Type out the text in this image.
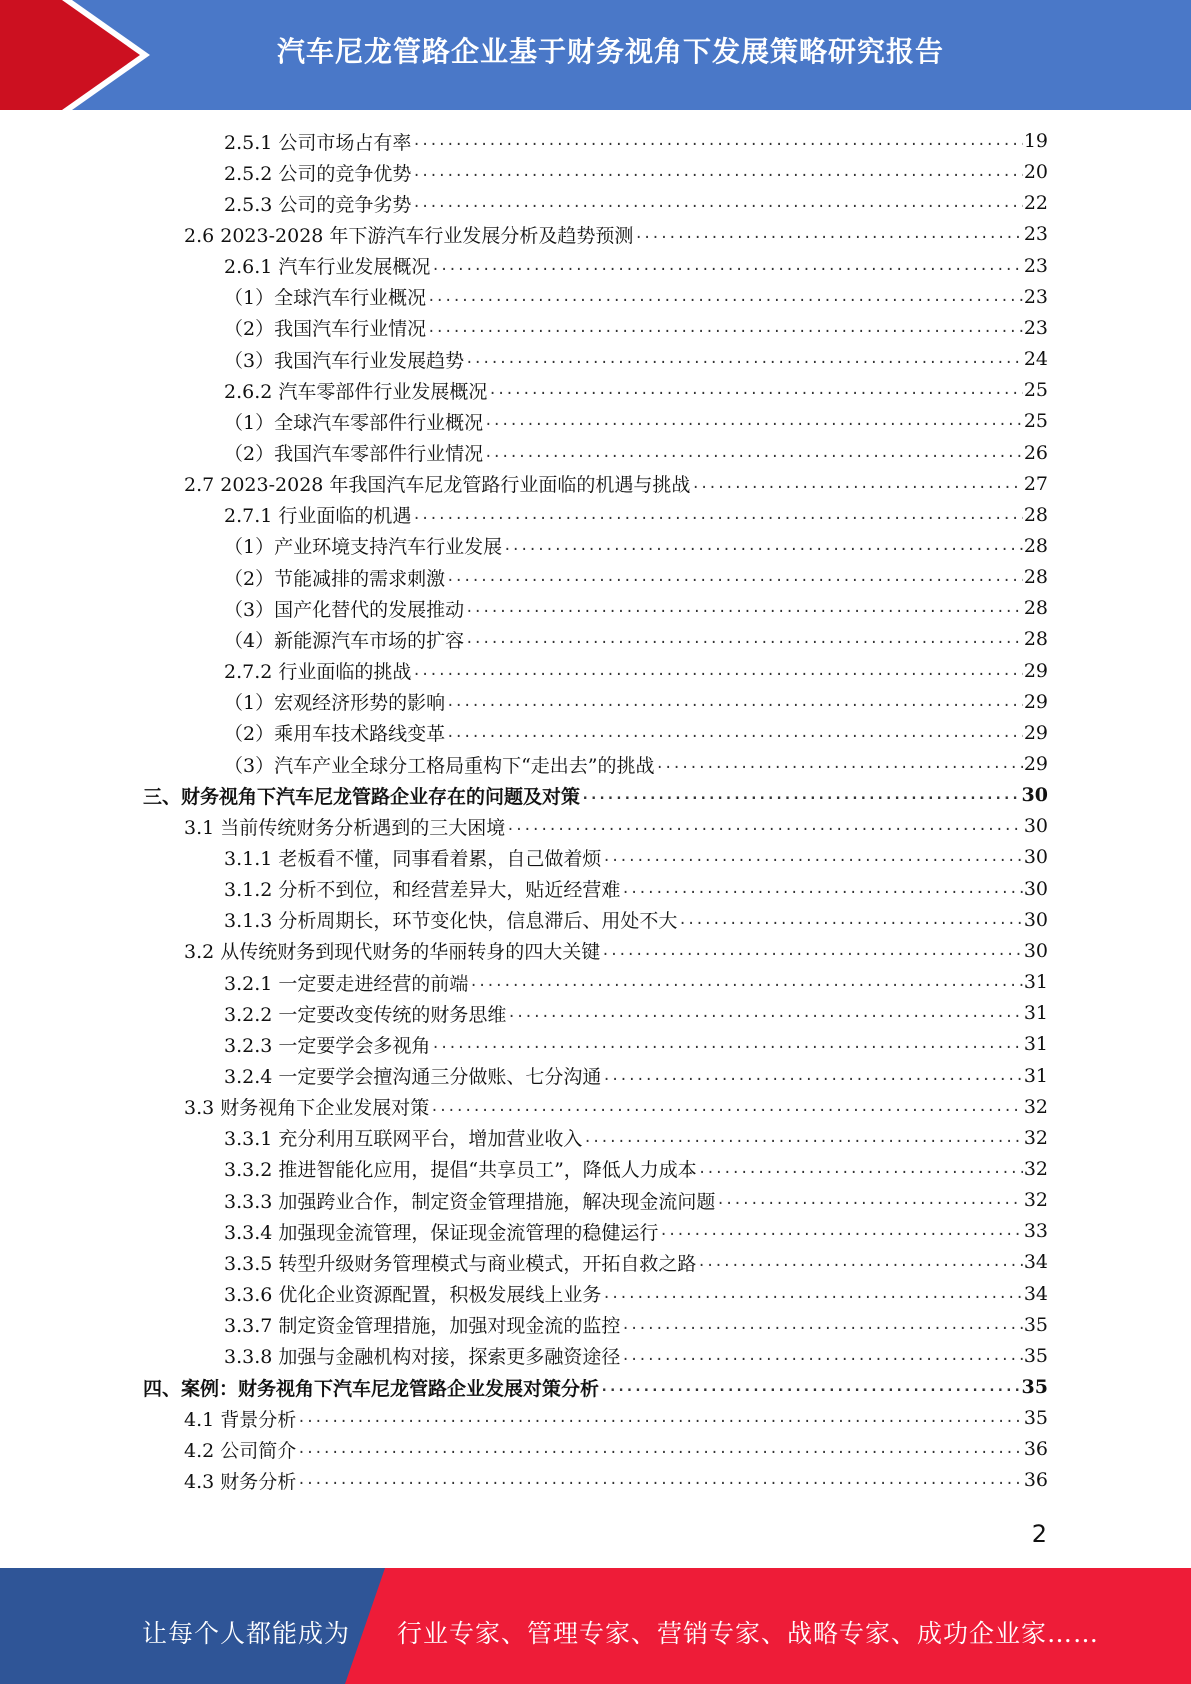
汽车尼龙管路企业基于财务视角下发展策略研究报告
2.5.1 公司市场占有率 .....	19
2.5.2 公司的竞争优势 .....	20
2.5.3 公司的竞争劣势 .....	22
2.6 2023-2028 年下游汽车行业发展分析及趋势预测 .....	23
2.6.1 汽车行业发展概况 .....	23
（1）全球汽车行业概况 .....	23
（2）我国汽车行业情况 .....	23
（3）我国汽车行业发展趋势 .....	24
2.6.2 汽车零部件行业发展概况 .....	25
（1）全球汽车零部件行业概况 .....	25
（2）我国汽车零部件行业情况 .....	26
2.7 2023-2028 年我国汽车尼龙管路行业面临的机遇与挑战 .....	27
2.7.1 行业面临的机遇 .....	28
（1）产业环境支持汽车行业发展 .....	28
（2）节能减排的需求刺激 .....	28
（3）国产化替代的发展推动 .....	28
（4）新能源汽车市场的扩容 .....	28
2.7.2 行业面临的挑战 .....	29
（1）宏观经济形势的影响 .....	29
（2）乘用车技术路线变革 .....	29
（3）汽车产业全球分工格局重构下“走出去”的挑战 .....	29
三、财务视角下汽车尼龙管路企业存在的问题及对策 .....	30
3.1 当前传统财务分析遇到的三大困境 .....	30
3.1.1 老板看不懂，同事看着累，自己做着烦 .....	30
3.1.2 分析不到位，和经营差异大，贴近经营难 .....	30
3.1.3 分析周期长，环节变化快，信息滞后、用处不大 .....	30
3.2 从传统财务到现代财务的华丽转身的四大关键 .....	30
3.2.1 一定要走进经营的前端 .....	31
3.2.2 一定要改变传统的财务思维 .....	31
3.2.3 一定要学会多视角 .....	31
3.2.4 一定要学会擅沟通三分做账、七分沟通 .....	31
3.3 财务视角下企业发展对策 .....	32
3.3.1 充分利用互联网平台，增加营业收入 .....	32
3.3.2 推进智能化应用，提倡“共享员工”，降低人力成本 .....	32
3.3.3 加强跨业合作，制定资金管理措施，解决现金流问题 .....	32
3.3.4 加强现金流管理，保证现金流管理的稳健运行 .....	33
3.3.5 转型升级财务管理模式与商业模式，开拓自救之路 .....	34
3.3.6 优化企业资源配置，积极发展线上业务 .....	34
3.3.7 制定资金管理措施，加强对现金流的监控 .....	35
3.3.8 加强与金融机构对接，探索更多融资途径 .....	35
四、案例：财务视角下汽车尼龙管路企业发展对策分析 .....	35
4.1 背景分析 .....	35
4.2 公司简介 .....	36
4.3 财务分析 .....	36
2
让每个人都能成为 行业专家、管理专家、营销专家、战略专家、成功企业家……
